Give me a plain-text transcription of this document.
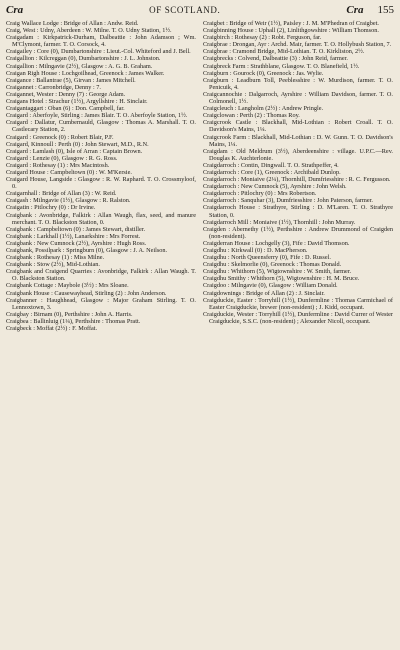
Cra	OF SCOTLAND.	Cra 155

Craig Wallace Lodge : Bridge of Allan : Andw. Reid.

Craig, West : Udny, Aberdeen : W. Milne. T. O. Udny Station, 1½.

Craigadam : Kirkpatrick-Durham, Dalbeattie : John Adamson ; Wm. M'Clymont, farmer. T. O. Corsock, 4.

Craigailey : Core (0), Dumbartonshire : Lieut.-Col. Whiteford and J. Bell.

Craigallion : Kilcreggan (0), Dumbartonshire : J. L. Johnston.

Craigallion : Milngavie (2½), Glasgow : A. G. B. Graham.

Craigan Righ House : Lochgoilhead, Greenock : James Walker.

Craigance : Ballantrae (5), Girvan : James Mitchell.

Craigannet : Carronbridge, Denny : 7.

Craigannet, Wester : Denny (7) : George Adam.

Craigans Hotel : Strachur (1½), Argyllshire : H. Sinclair.

Craigantaggart : Oban (6) : Don. Campbell, far.

Craigard : Aberfoyle, Stirling : James Blair. T. O. Aberfoyle Station, 1½.

Craigard : Dallatur, Cumbernauld, Glasgow : Thomas A. Marshall. T. O. Castlecary Station, 2.

Craigard : Greenock (0) : Robert Blair, P.F.

Craigard, Kinnoull : Perth (0) : John Stewart, M.D., R.N.

Craigard : Lamlash (0), Isle of Arran : Captain Brown.

Craigard : Lenzie (0), Glasgow : R. G. Ross.

Craigard : Rothesay (1) : Mrs Macintosh.

Craigard House : Campbeltown (0) : W. M'Kersie.

Craigard House, Langside : Glasgow : R. W. Raphard. T. O. Crossmyloof, 0.

Craigarnhall : Bridge of Allan (3) : W. Reid.

Craigash : Milngavie (1½), Glasgow : R. Ralston.

Craigatin : Pitlochry (0) : Dr Irvine.

Craigbank : Avonbridge, Falkirk : Allan Waugh, flax, seed, and manure merchant. T. O. Blackston Station, 0.

Craigbank : Campbeltown (0) : James Stewart, distiller.

Craigbank : Larkhall (1½), Lanarkshire : Mrs Forrest.

Craigbank : New Cumnock (2½), Ayrshire : Hugh Ross.

Craigbank, Possilpark : Springburn (0), Glasgow : J. A. Neilson.

Craigbank : Rothesay (1) : Miss Milne.

Craigbank : Stow (2½), Mid-Lothian.

Craigbank and Craigend Quarries : Avonbridge, Falkirk : Allan Waugh. T. O. Blackston Station.

Craigbank Cottage : Maybole (3½) : Mrs Sloane.

Craigbank House : Causewayhead, Stirling (2) : John Anderson.

Craigbanner : Haughhead, Glasgow : Major Graham Stirling. T. O. Lennoxtown, 3.

Craigbay : Birnam (0), Perthshire : John A. Harris.

Craigbea : Ballinluig (1¼), Perthshire : Thomas Pratt.

Craigbeck : Moffat (2½) : F. Moffat.

Craigbet : Bridge of Weir (1½), Paisley : J. M. M'Phedran of Craigbet.

Craigbinning House : Uphall (2), Linlithgowshire : William Thomson.

Craigbirch : Rothesay (2) : Robt. Ferguson, far.

Craigbrae : Drongan, Ayr : Archd. Mair, farmer. T. O. Hollybush Station, 7.

Craigbrae : Cramond Bridge, Mid-Lothian. T. O. Kirkliston, 2½.

Craigbrecks : Colvend, Dalbeattie (3) : John Reid, farmer.

Craigbreck Farm : Strathblane, Glasgow. T. O. Blanefield, 1½.

Craigburn : Gourock (0), Greenock : Jas. Wylie.

Craigburn : Leadburn Toll, Peeblesshire : W. Murdison, farmer. T. O. Penicuik, 4.

Craigcannochie : Dalgarroch, Ayrshire : William Davidson, farmer. T. O. Colmonell, 1½.

Craigcleuch : Langholm (2½) : Andrew Pringle.

Craigclowan : Perth (2) : Thomas Roy.

Craigcrook Castle : Blackhall, Mid-Lothian : Robert Croall. T. O. Davidson's Mains, 1¼.

Craigcrook Farm : Blackhall, Mid-Lothian : D. W. Gunn. T. O. Davidson's Mains, 1¼.

Craigdam : Old Meldrum (3½), Aberdeenshire : village. U.P.C.—Rev. Douglas K. Auchterlonie.

Craigdarroch : Contin, Dingwall. T. O. Strathpeffer, 4.

Craigdarroch : Core (1), Greenock : Archibald Dunlop.

Craigdarroch : Moniaive (2¼), Thornhill, Dumfriesshire : R. C. Fergusson.

Craigdarroch : New Cumnock (5), Ayrshire : John Welsh.

Craigdarroch : Pitlochry (0) : Mrs Robertson.

Craigdarroch : Sanquhar (3), Dumfriesshire : John Paterson, farmer.

Craigdarroch House : Strathyre, Stirling : D. M'Laren. T. O. Strathyre Station, 0.

Craigdarroch Mill : Moniaive (1½), Thornhill : John Murray.

Craigden : Abernethy (1½), Perthshire : Andrew Drummond of Craigden (non-resident).

Craigderran House : Lochgelly (3), Fife : David Thomson.

Craigdhu : Kirkwall (0) : D. MacPherson.

Craigdhu : North Queensferry (0), Fife : D. Russel.

Craigdhu : Skelmorlie (0), Greenock : Thomas Donald.

Craigdhu : Whithorn (5), Wigtownshire : W. Smith, farmer.

Craigdhu Smithy : Whithorn (5), Wigtownshire : H. M. Bruce.

Craigdoo : Milngavie (0), Glasgow : William Donald.

Craigdownings : Bridge of Allan (2) : J. Sinclair.

Craigduckie, Easter : Torryhill (1½), Dunfermline : Thomas Carmichael of Easter Craigduckie, brewer (non-resident) ; J. Kidd, occupant.

Craigduckie, Wester : Torryhill (1½), Dunfermline : David Currer of Wester Craigduckie, S.S.C. (non-resident) ; Alexander Nicoll, occupant.
